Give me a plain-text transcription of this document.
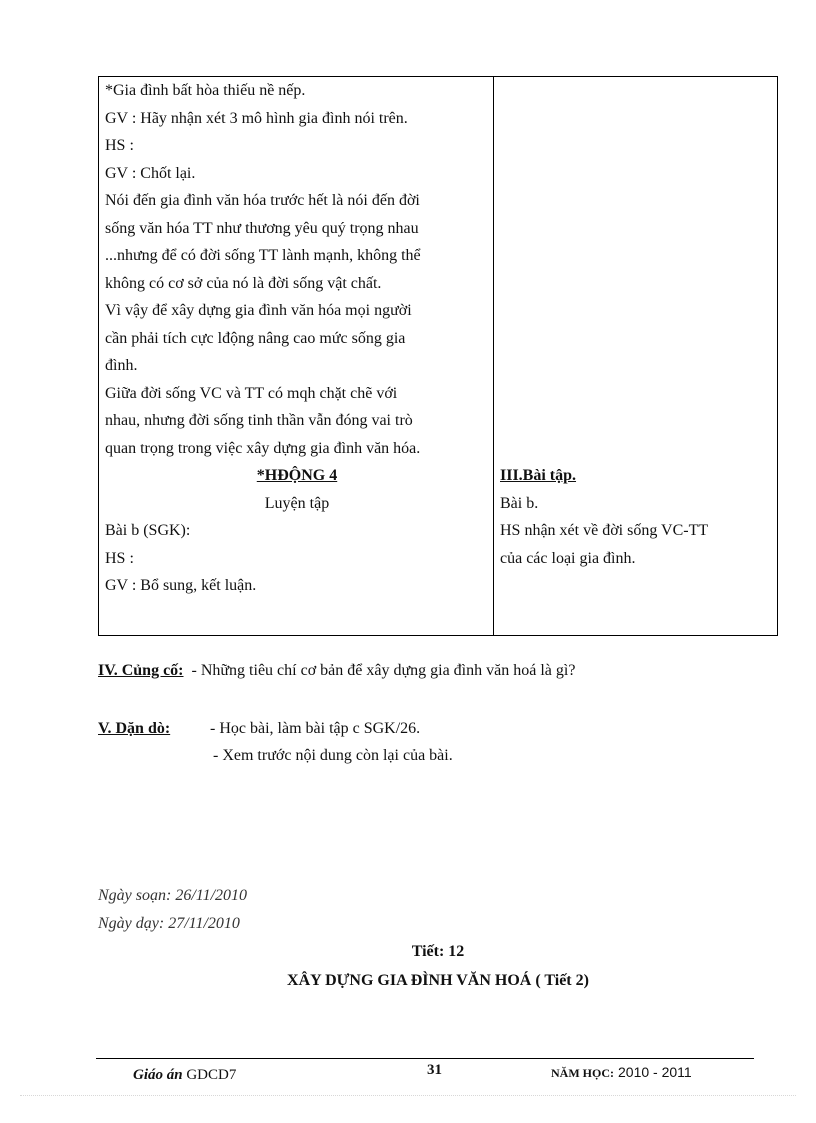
*Gia đình bất hòa thiếu nề nếp.
GV : Hãy nhận xét 3 mô hình gia đình nói trên.
HS :
GV : Chốt lại.
Nói đến gia đình văn hóa trước hết là nói đến đời
sống văn hóa TT như thương yêu quý trọng nhau
...nhưng để có đời sống TT lành mạnh, không thể
không có cơ sở của nó là đời sống vật chất.
Vì vậy để xây dựng gia đình văn hóa mọi người
cần phải tích cực lđộng nâng cao mức sống gia
đình.
Giữa đời sống VC và TT có mqh chặt chẽ với
nhau, nhưng đời sống tinh thần vẫn đóng vai trò
quan trọng trong việc xây dựng gia đình văn hóa.
*HĐỘNG 4
Luyện tập
Bài b (SGK):
HS :
GV : Bổ sung, kết luận.
III.Bài tập.
Bài b.
HS nhận xét về đời sống VC-TT
của các loại gia đình.
IV. Củng cố: - Những tiêu chí cơ bản để xây dựng gia đình văn hoá là gì?
V. Dặn dò: - Học bài, làm bài tập c SGK/26.
- Xem trước nội dung còn lại của bài.
Ngày soạn: 26/11/2010
Ngày dạy: 27/11/2010
Tiết: 12
XÂY DỰNG GIA ĐÌNH VĂN HOÁ ( Tiết 2)
Giáo án GDCD7	31	NĂM HỌC: 2010 - 2011
